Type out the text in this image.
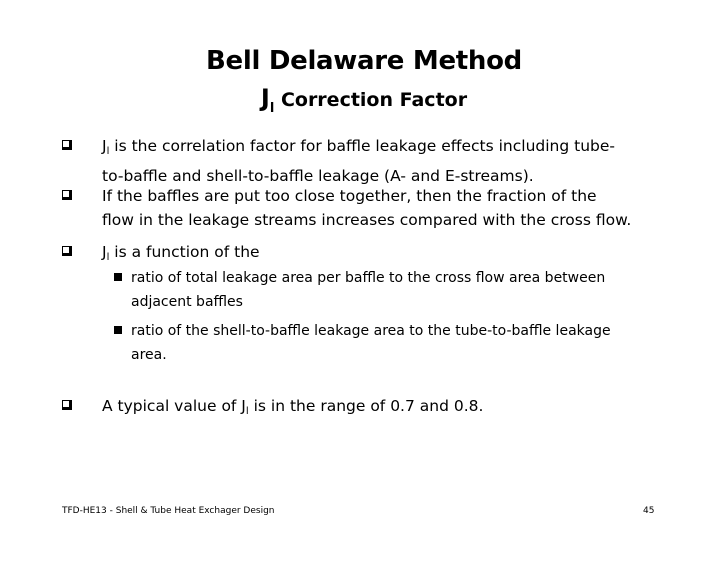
Bell Delaware Method
$J_l$ Correction Factor
Jl is the correlation factor for baffle leakage effects including tube-
to-baffle and shell-to-baffle leakage (A- and E-streams).
If the baffles are put too close together, then the fraction of the
flow in the leakage streams increases compared with the cross flow.
Jl is a function of the
ratio of total leakage area per baffle to the cross flow area between
adjacent baffles
ratio of the shell-to-baffle leakage area to the tube-to-baffle leakage
area.
A typical value of Jl is in the range of 0.7 and 0.8.
TFD-HE13 - Shell & Tube Heat Exchager Design	45
